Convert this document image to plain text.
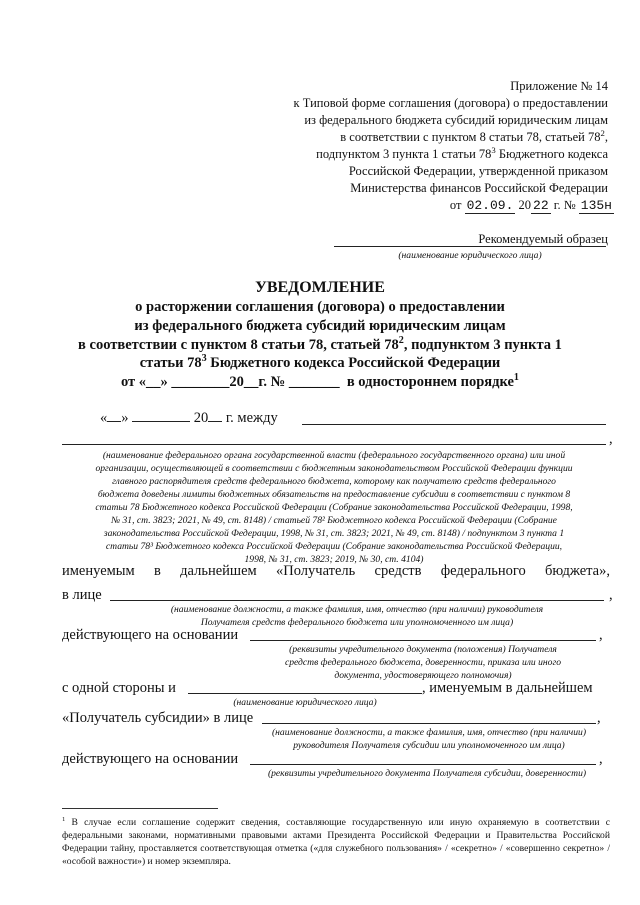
Приложение № 14
к Типовой форме соглашения (договора) о предоставлении
из федерального бюджета субсидий юридическим лицам
в соответствии с пунктом 8 статьи 78, статьей $78^2$,
подпунктом 3 пункта 1 статьи $78^3$ Бюджетного кодекса
Российской Федерации, утвержденной приказом
Министерства финансов Российской Федерации
от 02.09. 20 22 г. № 135н
Рекомендуемый образец
(наименование юридического лица)
УВЕДОМЛЕНИЕ
о расторжении соглашения (договора) о предоставлении
из федерального бюджета субсидий юридическим лицам
в соответствии с пунктом 8 статьи 78, статьей $78^2$, подпунктом 3 пункта 1
статьи $78^3$ Бюджетного кодекса Российской Федерации
от «__» ________20__г. № _______ в одностороннем порядке$^1$
« »	20 г. между
,
(наименование федерального органа государственной власти (федерального государственного органа) или иной
организации, осуществляющей в соответствии с бюджетным законодательством Российской Федерации функции
главного распорядителя средств федерального бюджета, которому как получателю средств федерального
бюджета доведены лимиты бюджетных обязательств на предоставление субсидии в соответствии с пунктом 8
статьи 78 Бюджетного кодекса Российской Федерации (Собрание законодательства Российской Федерации, 1998,
№ 31, ст. 3823; 2021, № 49, ст. 8148) / статьей 78² Бюджетного кодекса Российской Федерации (Собрание
законодательства Российской Федерации, 1998, № 31, ст. 3823; 2021, № 49, ст. 8148) / подпунктом 3 пункта 1
статьи 78³ Бюджетного кодекса Российской Федерации (Собрание законодательства Российской Федерации,
1998, № 31, ст. 3823; 2019, № 30, ст. 4104)
именуемым в дальнейшем «Получатель средств федерального бюджета»,
в лице	,
(наименование должности, а также фамилия, имя, отчество (при наличии) руководителя
Получателя средств федерального бюджета или уполномоченного им лица)
действующего на основании	,
(реквизиты учредительного документа (положения) Получателя
средств федерального бюджета, доверенности, приказа или иного
документа, удостоверяющего полномочия)
с одной стороны и	, именуемым в дальнейшем
(наименование юридического лица)
«Получатель субсидии» в лице	,
(наименование должности, а также фамилия, имя, отчество (при наличии)
руководителя Получателя субсидии или уполномоченного им лица)
действующего на основании	,
(реквизиты учредительного документа Получателя субсидии, доверенности)
$^1$ В случае если соглашение содержит сведения, составляющие государственную или иную охраняемую в соответствии с федеральными законами, нормативными правовыми актами Президента Российской Федерации и Правительства Российской Федерации тайну, проставляется соответствующая отметка («для служебного пользования» / «секретно» / «совершенно секретно» / «особой важности») и номер экземпляра.
